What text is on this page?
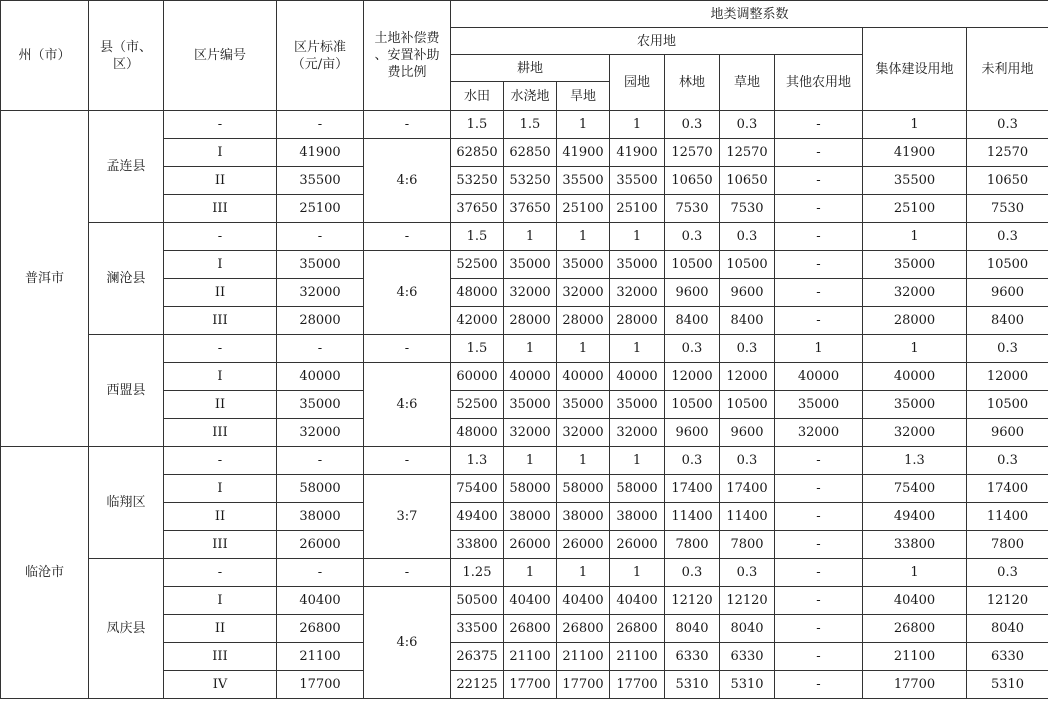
州（市）	县（市、
区）	区片编号	区片标准
（元/亩）	土地补偿费
、安置补助
费比例	地类调整系数								
					农用地							集体建设用地	未利用地
					耕地			园地	林地	草地	其他农用地		
					水田	水浇地	旱地						
普洱市	孟连县	-	-	-	1.5	1.5	1	1	0.3	0.3	-	1	0.3
		I	41900	4:6	62850	62850	41900	41900	12570	12570	-	41900	12570
		II	35500		53250	53250	35500	35500	10650	10650	-	35500	10650
		III	25100		37650	37650	25100	25100	7530	7530	-	25100	7530
	澜沧县	-	-	-	1.5	1	1	1	0.3	0.3	-	1	0.3
		I	35000	4:6	52500	35000	35000	35000	10500	10500	-	35000	10500
		II	32000		48000	32000	32000	32000	9600	9600	-	32000	9600
		III	28000		42000	28000	28000	28000	8400	8400	-	28000	8400
	西盟县	-	-	-	1.5	1	1	1	0.3	0.3	1	1	0.3
		I	40000	4:6	60000	40000	40000	40000	12000	12000	40000	40000	12000
		II	35000		52500	35000	35000	35000	10500	10500	35000	35000	10500
		III	32000		48000	32000	32000	32000	9600	9600	32000	32000	9600
临沧市	临翔区	-	-	-	1.3	1	1	1	0.3	0.3	-	1.3	0.3
		I	58000	3:7	75400	58000	58000	58000	17400	17400	-	75400	17400
		II	38000		49400	38000	38000	38000	11400	11400	-	49400	11400
		III	26000		33800	26000	26000	26000	7800	7800	-	33800	7800
	凤庆县	-	-	-	1.25	1	1	1	0.3	0.3	-	1	0.3
		I	40400	4:6	50500	40400	40400	40400	12120	12120	-	40400	12120
		II	26800		33500	26800	26800	26800	8040	8040	-	26800	8040
		III	21100		26375	21100	21100	21100	6330	6330	-	21100	6330
		IV	17700		22125	17700	17700	17700	5310	5310	-	17700	5310
